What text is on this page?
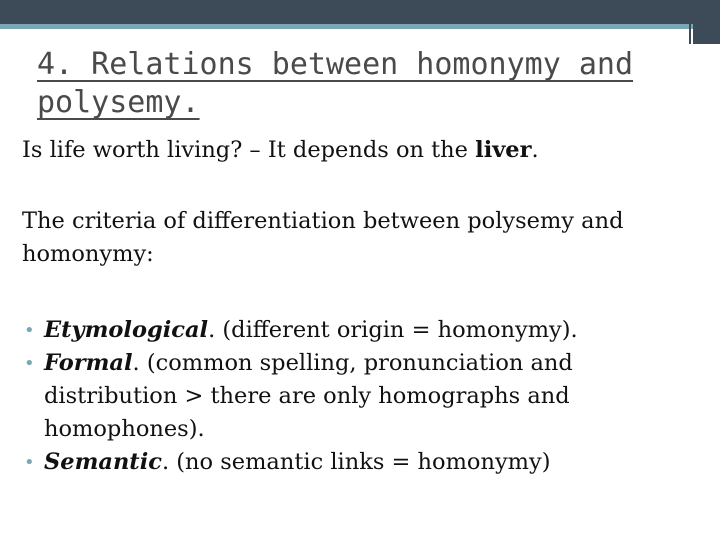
4. Relations between homonymy and polysemy.

Is life worth living? – It depends on the liver.

The criteria of differentiation between polysemy and homonymy:

• Etymological. (different origin = homonymy).
• Formal. (common spelling, pronunciation and distribution > there are only homographs and homophones).
• Semantic. (no semantic links = homonymy)
